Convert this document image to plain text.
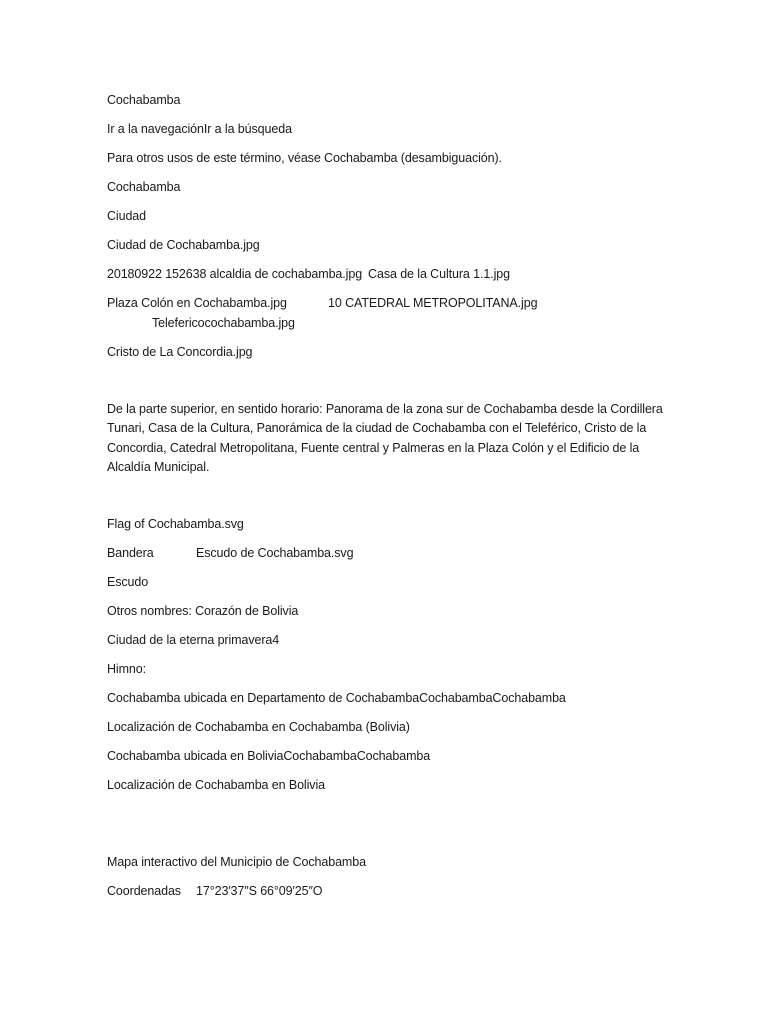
Cochabamba
Ir a la navegaciónIr a la búsqueda
Para otros usos de este término, véase Cochabamba (desambiguación).
Cochabamba
Ciudad
Ciudad de Cochabamba.jpg
20180922 152638 alcaldia de cochabamba.jpg Casa de la Cultura 1.1.jpg
Plaza Colón en Cochabamba.jpg	10 CATEDRAL METROPOLITANA.jpg
Telefericocochabamba.jpg
Cristo de La Concordia.jpg

De la parte superior, en sentido horario: Panorama de la zona sur de Cochabamba desde la Cordillera Tunari, Casa de la Cultura, Panorámica de la ciudad de Cochabamba con el Teleférico, Cristo de la Concordia, Catedral Metropolitana, Fuente central y Palmeras en la Plaza Colón y el Edificio de la Alcaldía Municipal.

Flag of Cochabamba.svg
Bandera	Escudo de Cochabamba.svg
Escudo
Otros nombres: Corazón de Bolivia
Ciudad de la eterna primavera4
Himno:
Cochabamba ubicada en Departamento de CochabambaCochabambaCochabamba
Localización de Cochabamba en Cochabamba (Bolivia)
Cochabamba ubicada en BoliviaCochabambaCochabamba
Localización de Cochabamba en Bolivia
Mapa interactivo del Municipio de Cochabamba
Coordenadas 17°23′37″S 66°09′25″O
